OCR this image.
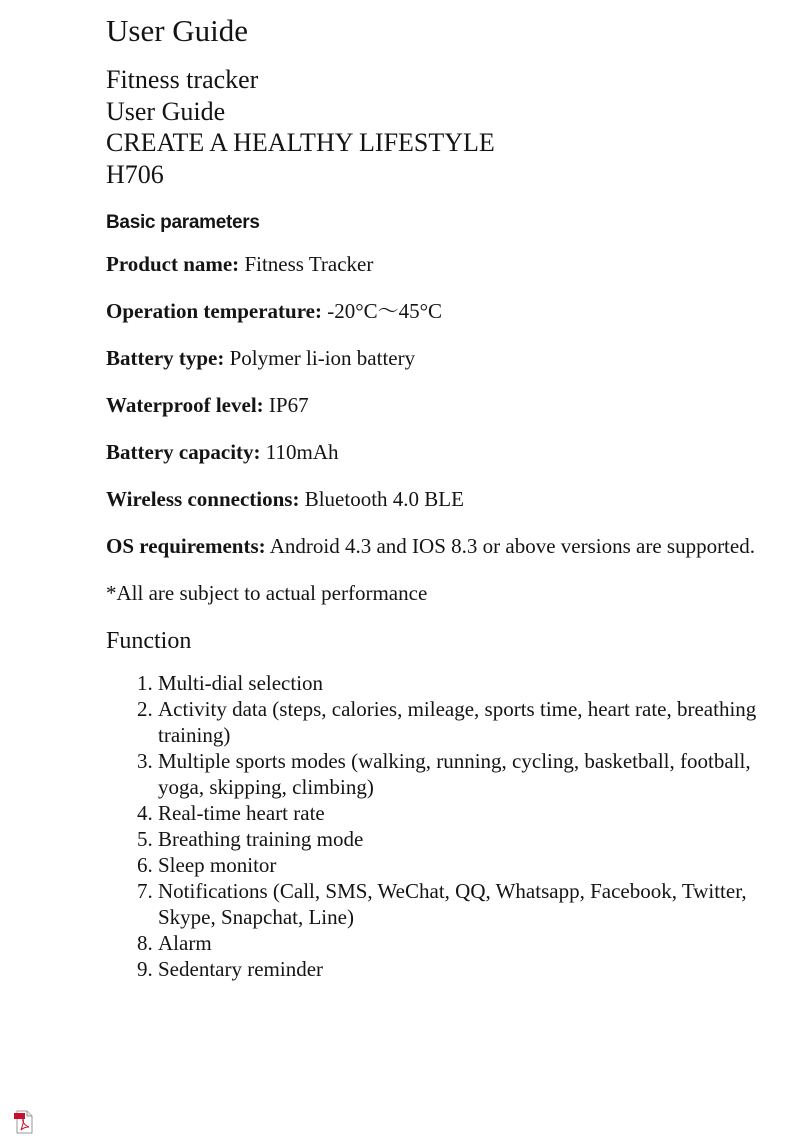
User Guide
Fitness tracker
User Guide
CREATE A HEALTHY LIFESTYLE
H706
Basic parameters

Product name: Fitness Tracker

Operation temperature: -20°C～45°C

Battery type: Polymer li-ion battery

Waterproof level: IP67

Battery capacity: 110mAh

Wireless connections: Bluetooth 4.0 BLE

OS requirements: Android 4.3 and IOS 8.3 or above versions are supported.

*All are subject to actual performance

Function
1. Multi-dial selection
2. Activity data (steps, calories, mileage, sports time, heart rate, breathing training)
3. Multiple sports modes (walking, running, cycling, basketball, football, yoga, skipping, climbing)
4. Real-time heart rate
5. Breathing training mode
6. Sleep monitor
7. Notifications (Call, SMS, WeChat, QQ, Whatsapp, Facebook, Twitter, Skype, Snapchat, Line)
8. Alarm
9. Sedentary reminder
